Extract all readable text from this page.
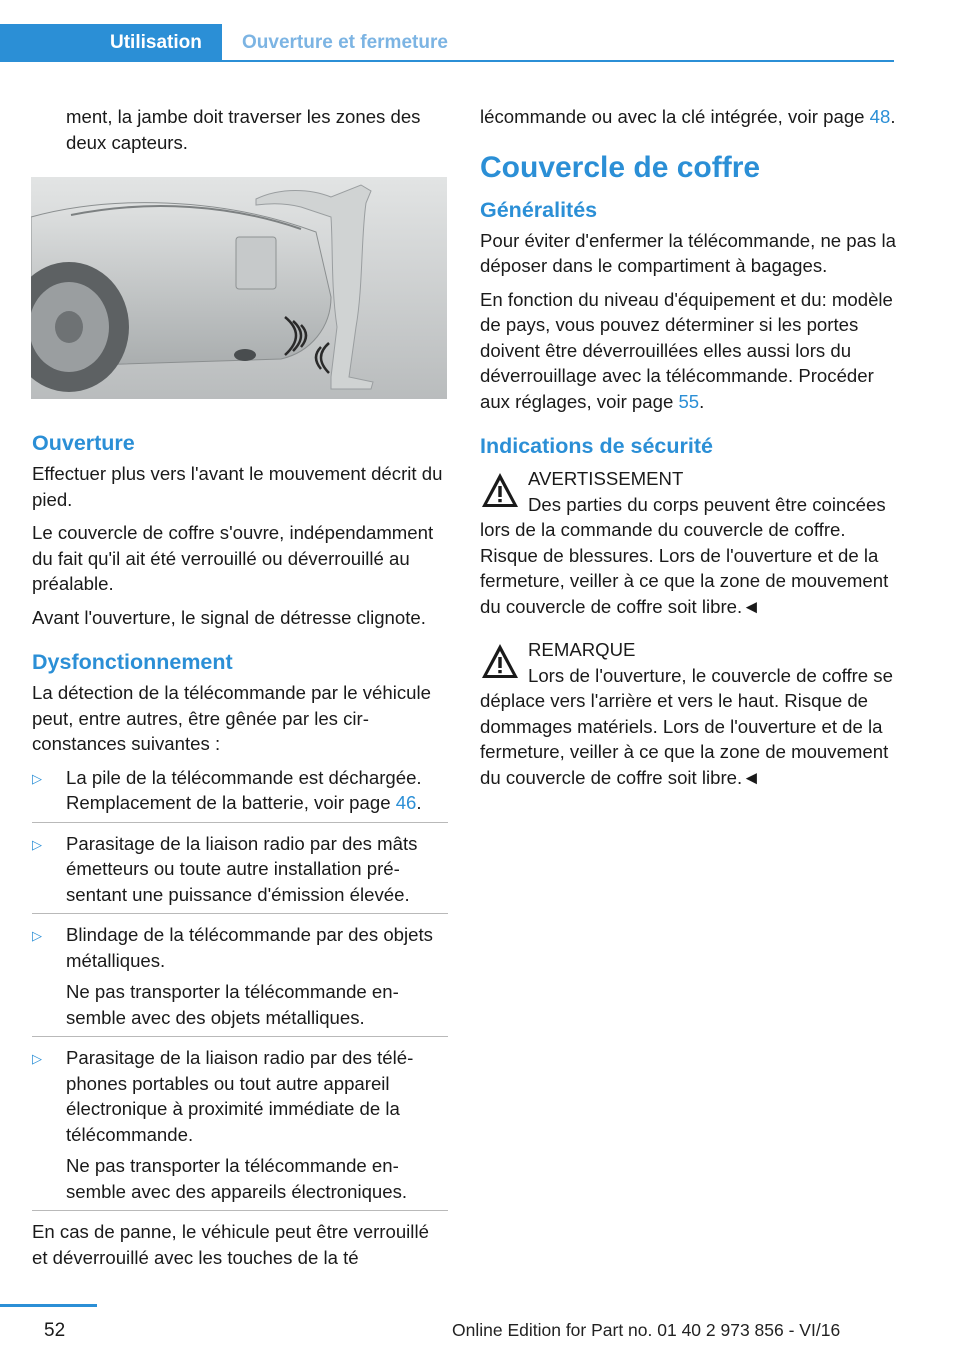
Utilisation Ouverture et fermeture

ment, la jambe doit traverser les zones des deux capteurs.

Ouverture

Effectuer plus vers l'avant le mouvement décrit du pied.

Le couvercle de coffre s'ouvre, indépendamment du fait qu'il ait été verrouillé ou déverrouillé au préalable.

Avant l'ouverture, le signal de détresse clignote.

Dysfonctionnement

La détection de la télécommande par le véhicule peut, entre autres, être gênée par les circonstances suivantes :

▷ La pile de la télécommande est déchargée. Remplacement de la batterie, voir page 46.
▷ Parasitage de la liaison radio par des mâts émetteurs ou toute autre installation présentant une puissance d'émission élevée.
▷ Blindage de la télécommande par des objets métalliques.

Ne pas transporter la télécommande ensemble avec des objets métalliques.

▷ Parasitage de la liaison radio par des téléphones portables ou tout autre appareil électronique à proximité immédiate de la télécommande.

Ne pas transporter la télécommande ensemble avec des appareils électroniques.

En cas de panne, le véhicule peut être verrouillé et déverrouillé avec les touches de la té

lécommande ou avec la clé intégrée, voir page 48.

Couvercle de coffre
Généralités

Pour éviter d'enfermer la télécommande, ne pas la déposer dans le compartiment à bagages.

En fonction du niveau d'équipement et du: modèle de pays, vous pouvez déterminer si les portes doivent être déverrouillées elles aussi lors du déverrouillage avec la télécommande. Procéder aux réglages, voir page 55.

Indications de sécurité
AVERTISSEMENT
Des parties du corps peuvent être coincées lors de la commande du couvercle de coffre. Risque de blessures. Lors de l'ouverture et de la fermeture, veiller à ce que la zone de mouvement du couvercle de coffre soit libre.◄
REMARQUE
Lors de l'ouverture, le couvercle de coffre se déplace vers l'arrière et vers le haut. Risque de dommages matériels. Lors de l'ouverture et de la fermeture, veiller à ce que la zone de mouvement du couvercle de coffre soit libre.◄
52	Online Edition for Part no. 01 40 2 973 856 - VI/16
